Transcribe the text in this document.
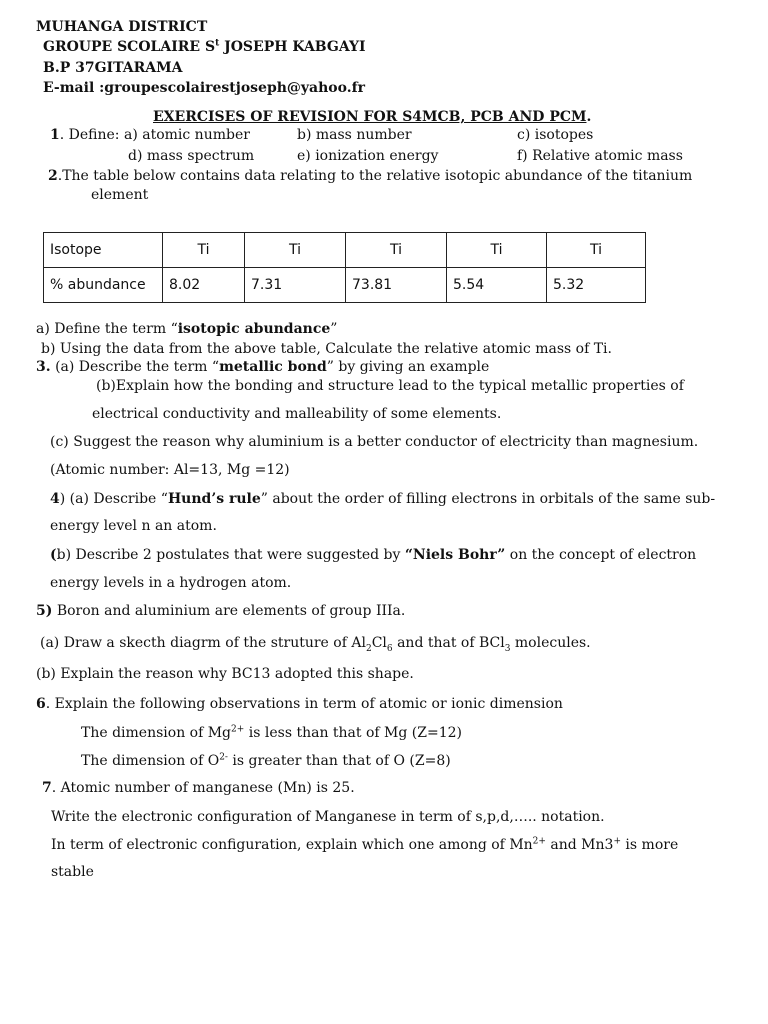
MUHANGA DISTRICT
GROUPE SCOLAIRE $S^t$ JOSEPH KABGAYI
B.P 37GITARAMA
E-mail :groupescolairestjoseph@yahoo.fr
EXERCISES OF REVISION FOR S4MCB, PCB AND PCM.
1. Define: a) atomic number	b) mass number	c) isotopes
d) mass spectrum	e) ionization energy	f) Relative atomic mass
2.The table below contains data relating to the relative isotopic abundance of the titanium
element
Isotope	Ti	Ti	Ti	Ti	Ti
% abundance	8.02	7.31	73.81	5.54	5.32
a) Define the term “isotopic abundance”
b) Using the data from the above table, Calculate the relative atomic mass of Ti.
3. (a) Describe the term “metallic bond” by giving an example
(b)Explain how the bonding and structure lead to the typical metallic properties of
electrical conductivity and malleability of some elements.
(c) Suggest the reason why aluminium is a better conductor of electricity than magnesium.
(Atomic number: Al=13, Mg =12)
4) (a) Describe “Hund’s rule” about the order of filling electrons in orbitals of the same sub-
energy level n an atom.
(b) Describe 2 postulates that were suggested by “Niels Bohr” on the concept of electron
energy levels in a hydrogen atom.
5) Boron and aluminium are elements of group IIIa.
(a) Draw a skecth diagrm of the struture of $Al_2Cl_6$ and that of BCl$_3$ molecules.
(b) Explain the reason why BC13 adopted this shape.
6. Explain the following observations in term of atomic or ionic dimension
The dimension of $Mg^{2+}$ is less than that of Mg (Z=12)
The dimension of $O^{2-}$ is greater than that of O (Z=8)
7. Atomic number of manganese (Mn) is 25.
Write the electronic configuration of Manganese in term of s,p,d,….. notation.
In term of electronic configuration, explain which one among of $Mn^{2+}$ and Mn3+ is more
stable
